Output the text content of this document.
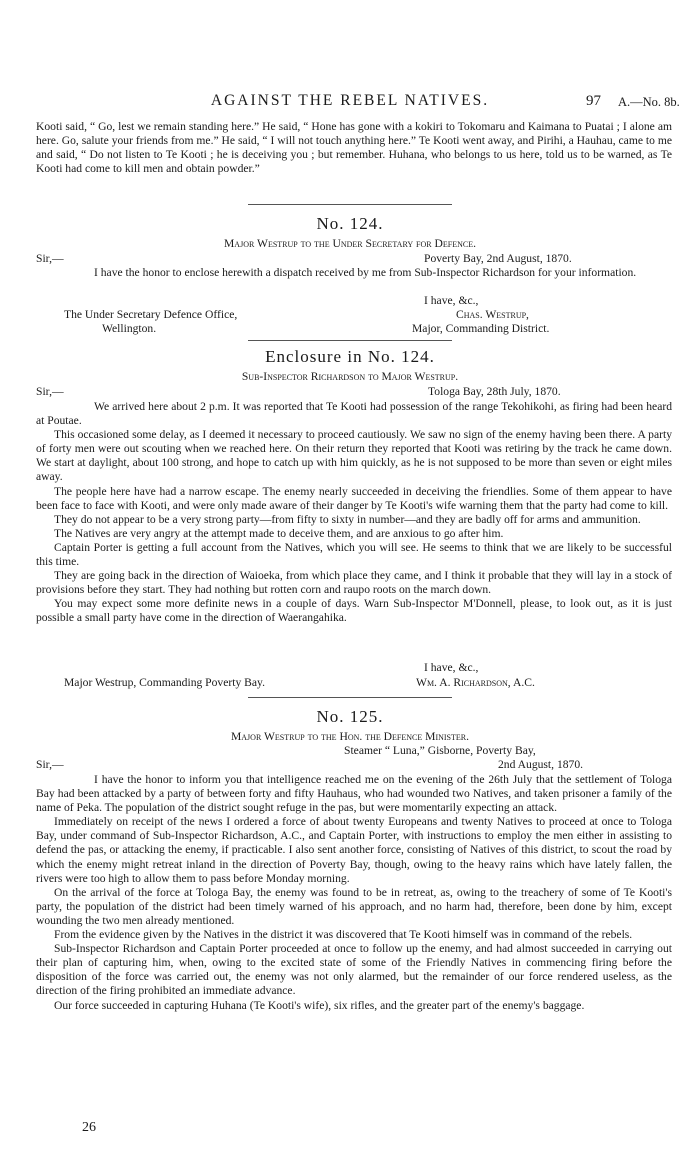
AGAINST THE REBEL NATIVES.	97 A.—No. 8b.

Kooti said, “ Go, lest we remain standing here.” He said, “ Hone has gone with a kokiri to Tokomaru and Kaimana to Puatai ; I alone am here. Go, salute your friends from me.” He said, “ I will not touch anything here.” Te Kooti went away, and Pirihi, a Hauhau, came to me and said, “ Do not listen to Te Kooti ; he is deceiving you ; but remember. Huhana, who belongs to us here, told us to be warned, as Te Kooti had come to kill men and obtain powder.”

No. 124.
Major Westrup to the Under Secretary for Defence.
Sir,—	Poverty Bay, 2nd August, 1870.

I have the honor to enclose herewith a dispatch received by me from Sub-Inspector Richardson for your information.

I have, &c.,
Chas. Westrup,
Major, Commanding District.
The Under Secretary Defence Office,
Wellington.
Enclosure in No. 124.
Sub-Inspector Richardson to Major Westrup.
Sir,—	Tologa Bay, 28th July, 1870.

We arrived here about 2 p.m. It was reported that Te Kooti had possession of the range Tekohikohi, as firing had been heard at Poutae.

This occasioned some delay, as I deemed it necessary to proceed cautiously. We saw no sign of the enemy having been there. A party of forty men were out scouting when we reached here. On their return they reported that Kooti was retiring by the track he came down. We start at daylight, about 100 strong, and hope to catch up with him quickly, as he is not supposed to be more than seven or eight miles away.

The people here have had a narrow escape. The enemy nearly succeeded in deceiving the friendlies. Some of them appear to have been face to face with Kooti, and were only made aware of their danger by Te Kooti's wife warning them that the party had come to kill.

They do not appear to be a very strong party—from fifty to sixty in number—and they are badly off for arms and ammunition.

The Natives are very angry at the attempt made to deceive them, and are anxious to go after him.

Captain Porter is getting a full account from the Natives, which you will see. He seems to think that we are likely to be successful this time.

They are going back in the direction of Waioeka, from which place they came, and I think it probable that they will lay in a stock of provisions before they start. They had nothing but rotten corn and raupo roots on the march down.

You may expect some more definite news in a couple of days. Warn Sub-Inspector M'Donnell, please, to look out, as it is just possible a small party have come in the direction of Waerangahika.

I have, &c.,
Major Westrup, Commanding Poverty Bay.	Wm. A. Richardson, A.C.
No. 125.
Major Westrup to the Hon. the Defence Minister.
Steamer “ Luna,” Gisborne, Poverty Bay,
Sir,—	2nd August, 1870.

I have the honor to inform you that intelligence reached me on the evening of the 26th July that the settlement of Tologa Bay had been attacked by a party of between forty and fifty Hauhaus, who had wounded two Natives, and taken prisoner a family of the name of Peka. The population of the district sought refuge in the pas, but were momentarily expecting an attack.

Immediately on receipt of the news I ordered a force of about twenty Europeans and twenty Natives to proceed at once to Tologa Bay, under command of Sub-Inspector Richardson, A.C., and Captain Porter, with instructions to employ the men either in assisting to defend the pas, or attacking the enemy, if practicable. I also sent another force, consisting of Natives of this district, to scout the road by which the enemy might retreat inland in the direction of Poverty Bay, though, owing to the heavy rains which have lately fallen, the rivers were too high to allow them to pass before Monday morning.

On the arrival of the force at Tologa Bay, the enemy was found to be in retreat, as, owing to the treachery of some of Te Kooti's party, the population of the district had been timely warned of his approach, and no harm had, therefore, been done by him, except wounding the two men already mentioned.

From the evidence given by the Natives in the district it was discovered that Te Kooti himself was in command of the rebels.

Sub-Inspector Richardson and Captain Porter proceeded at once to follow up the enemy, and had almost succeeded in carrying out their plan of capturing him, when, owing to the excited state of some of the Friendly Natives in commencing firing before the disposition of the force was carried out, the enemy was not only alarmed, but the remainder of our force rendered useless, as the direction of the firing prohibited an immediate advance.

Our force succeeded in capturing Huhana (Te Kooti's wife), six rifles, and the greater part of the enemy's baggage.

26
